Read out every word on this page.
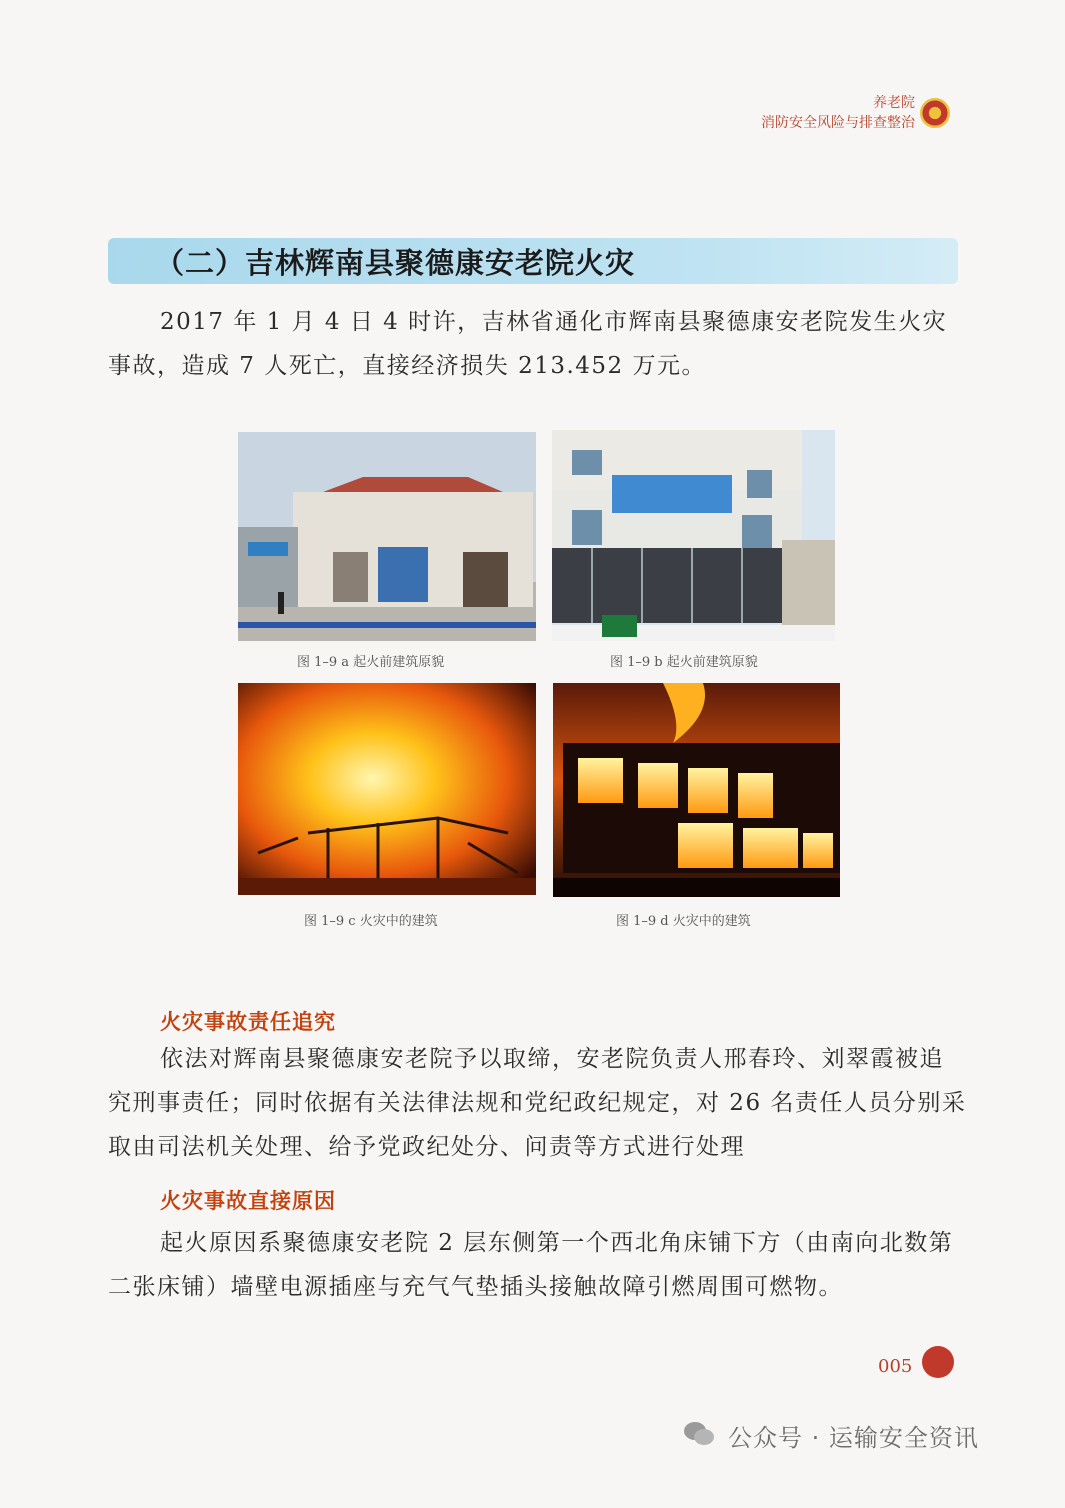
养老院
消防安全风险与排查整治
（二）吉林辉南县聚德康安老院火灾

2017 年 1 月 4 日 4 时许，吉林省通化市辉南县聚德康安老院发生火灾事故，造成 7 人死亡，直接经济损失 213.452 万元。

图 1–9 a 起火前建筑原貌	图 1–9 b 起火前建筑原貌
图 1–9 c 火灾中的建筑	图 1–9 d 火灾中的建筑
火灾事故责任追究

依法对辉南县聚德康安老院予以取缔，安老院负责人邢春玲、刘翠霞被追究刑事责任；同时依据有关法律法规和党纪政纪规定，对 26 名责任人员分别采取由司法机关处理、给予党政纪处分、问责等方式进行处理

火灾事故直接原因

起火原因系聚德康安老院 2 层东侧第一个西北角床铺下方（由南向北数第二张床铺）墙壁电源插座与充气气垫插头接触故障引燃周围可燃物。

005
公众号 · 运输安全资讯
